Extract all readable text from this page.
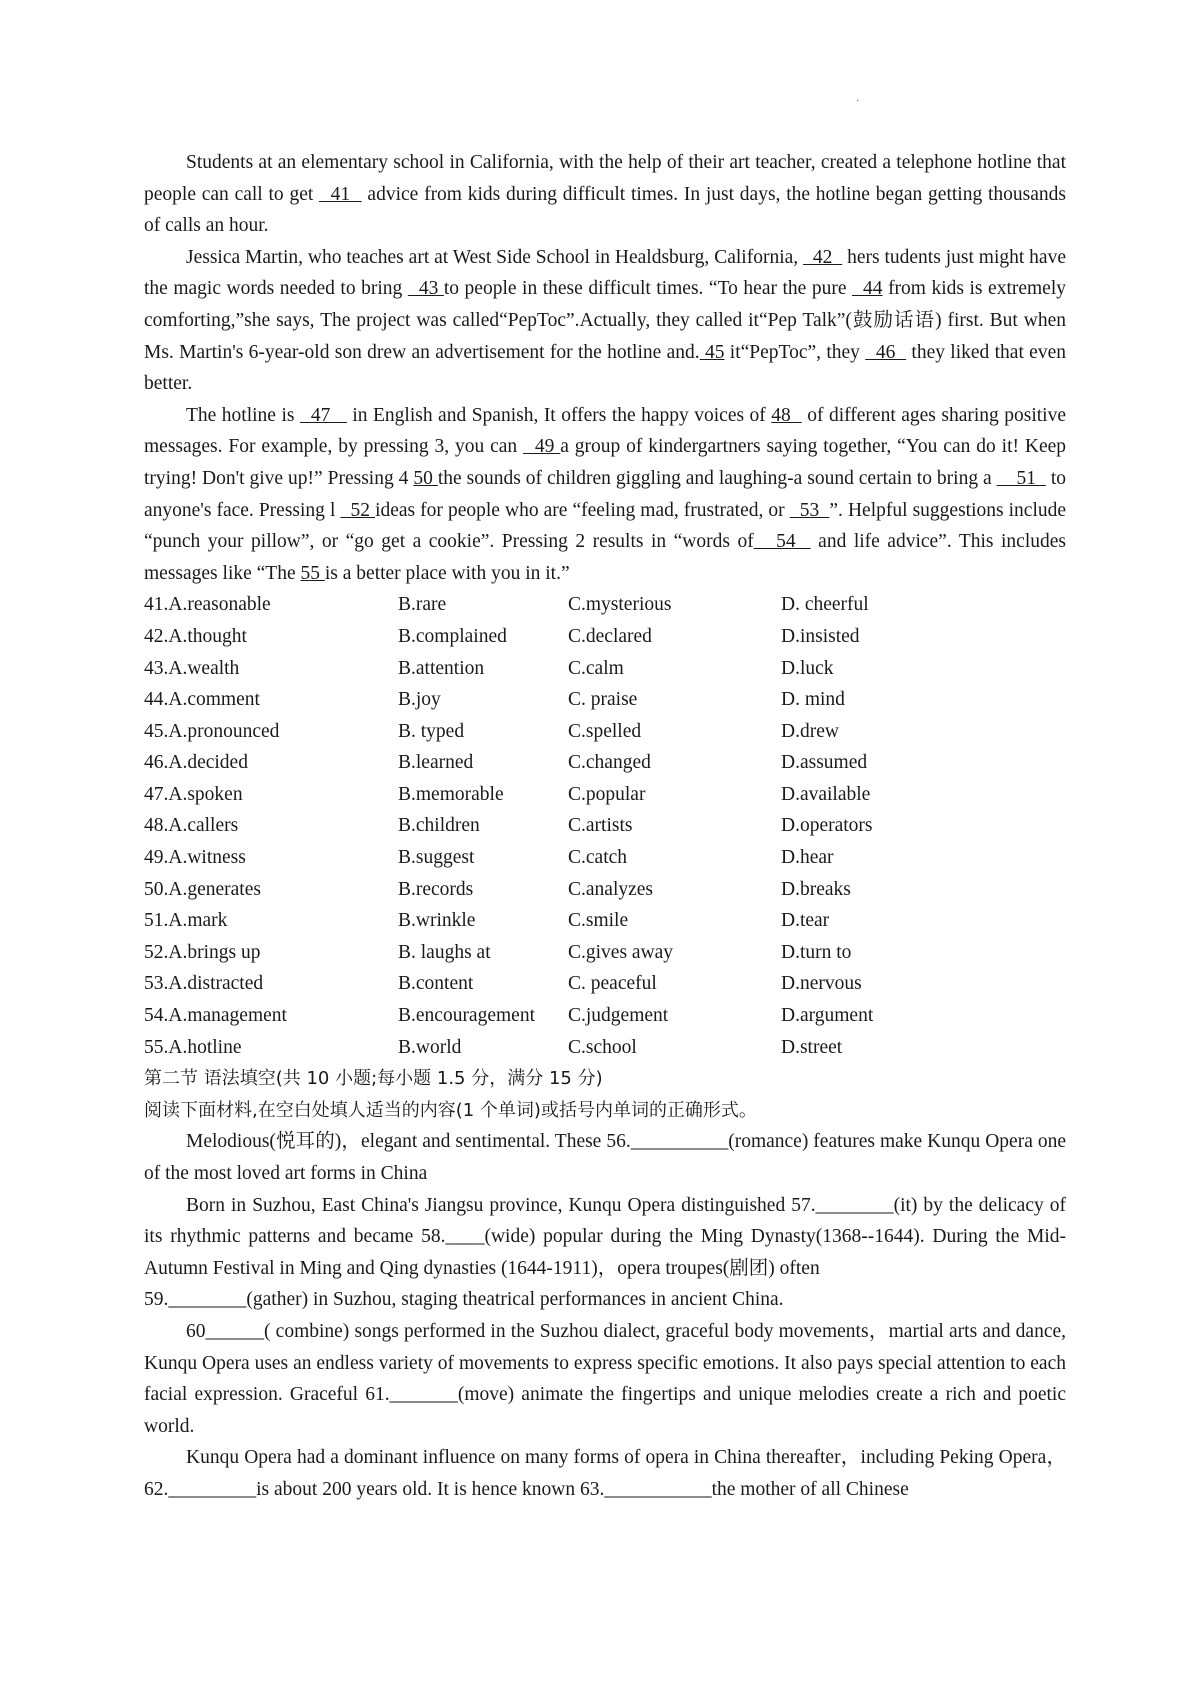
·

Students at an elementary school in California, with the help of their art teacher, created a telephone hotline that people can call to get   41   advice from kids during difficult times. In just days, the hotline began getting thousands of calls an hour.

Jessica Martin, who teaches art at West Side School in Healdsburg, California,   42   hers tudents just might have the magic words needed to bring   43 to people in these difficult times. “To hear the pure   44 from kids is extremely comforting,”she says, The project was called“PepToc”.Actually, they called it“Pep Talk”(鼓励话语) first. But when Ms. Martin's 6-year-old son drew an advertisement for the hotline and. 45 it“PepToc”, they   46   they liked that even better.

The hotline is   47    in English and Spanish, It offers the happy voices of 48   of different ages sharing positive messages. For example, by pressing 3, you can   49 a group of kindergartners saying together, “You can do it! Keep trying! Don't give up!” Pressing 4 50 the sounds of children giggling and laughing-a sound certain to bring a     51   to anyone's face. Pressing l   52 ideas for people who are “feeling mad, frustrated, or   53  ”. Helpful suggestions include “punch your pillow”, or “go get a cookie”. Pressing 2 results in “words of   54   and life advice”. This includes messages like “The 55 is a better place with you in it.”

41.A.reasonable	B.rare	C.mysterious	D. cheerful
42.A.thought	B.complained	C.declared	D.insisted
43.A.wealth	B.attention	C.calm	D.luck
44.A.comment	B.joy	C. praise	D. mind
45.A.pronounced	B. typed	C.spelled	D.drew
46.A.decided	B.learned	C.changed	D.assumed
47.A.spoken	B.memorable	C.popular	D.available
48.A.callers	B.children	C.artists	D.operators
49.A.witness	B.suggest	C.catch	D.hear
50.A.generates	B.records	C.analyzes	D.breaks
51.A.mark	B.wrinkle	C.smile	D.tear
52.A.brings up	B. laughs at	C.gives away	D.turn to
53.A.distracted	B.content	C. peaceful	D.nervous
54.A.management	B.encouragement	C.judgement	D.argument
55.A.hotline	B.world	C.school	D.street

第二节 语法填空(共 10 小题;每小题 1.5 分，满分 15 分)

阅读下面材料,在空白处填人适当的内容(1 个单词)或括号内单词的正确形式。

Melodious(悦耳的)，elegant and sentimental. These 56.__________(romance) features make Kunqu Opera one of the most loved art forms in China

Born in Suzhou, East China's Jiangsu province, Kunqu Opera distinguished 57.________(it) by the delicacy of its rhythmic patterns and became 58.____(wide) popular during the Ming Dynasty(1368--1644). During the Mid-Autumn Festival in Ming and Qing dynasties (1644-1911)，opera troupes(剧团) often

59.________(gather) in Suzhou, staging theatrical performances in ancient China.

60______( combine) songs performed in the Suzhou dialect, graceful body movements，martial arts and dance, Kunqu Opera uses an endless variety of movements to express specific emotions. It also pays special attention to each facial expression. Graceful 61._______(move) animate the fingertips and unique melodies create a rich and poetic world.

Kunqu Opera had a dominant influence on many forms of opera in China thereafter，including Peking Opera，62._________is about 200 years old. It is hence known 63.___________the mother of all Chinese
